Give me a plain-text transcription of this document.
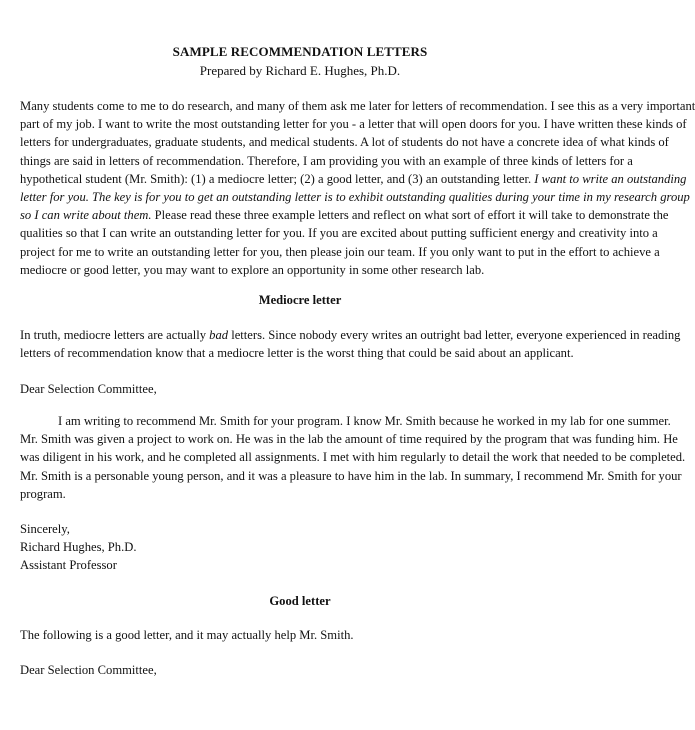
SAMPLE RECOMMENDATION LETTERS
Prepared by Richard E. Hughes, Ph.D.

Many students come to me to do research, and many of them ask me later for letters of recommendation. I see this as a very important
part of my job. I want to write the most outstanding letter for you - a letter that will open doors for you. I have written these kinds of
letters for undergraduates, graduate students, and medical students. A lot of students do not have a concrete idea of what kinds of
things are said in letters of recommendation. Therefore, I am providing you with an example of three kinds of letters for a
hypothetical student (Mr. Smith): (1) a mediocre letter; (2) a good letter, and (3) an outstanding letter. I want to write an outstanding
letter for you. The key is for you to get an outstanding letter is to exhibit outstanding qualities during your time in my research group
so I can write about them. Please read these three example letters and reflect on what sort of effort it will take to demonstrate the
qualities so that I can write an outstanding letter for you. If you are excited about putting sufficient energy and creativity into a
project for me to write an outstanding letter for you, then please join our team. If you only want to put in the effort to achieve a
mediocre or good letter, you may want to explore an opportunity in some other research lab.

Mediocre letter

In truth, mediocre letters are actually bad letters. Since nobody every writes an outright bad letter, everyone experienced in reading
letters of recommendation know that a mediocre letter is the worst thing that could be said about an applicant.

Dear Selection Committee,

I am writing to recommend Mr. Smith for your program. I know Mr. Smith because he worked in my lab for one summer.
Mr. Smith was given a project to work on. He was in the lab the amount of time required by the program that was funding him. He
was diligent in his work, and he completed all assignments. I met with him regularly to detail the work that needed to be completed.
Mr. Smith is a personable young person, and it was a pleasure to have him in the lab. In summary, I recommend Mr. Smith for your
program.

Sincerely,
Richard Hughes, Ph.D.
Assistant Professor

Good letter
The following is a good letter, and it may actually help Mr. Smith.
Dear Selection Committee,
